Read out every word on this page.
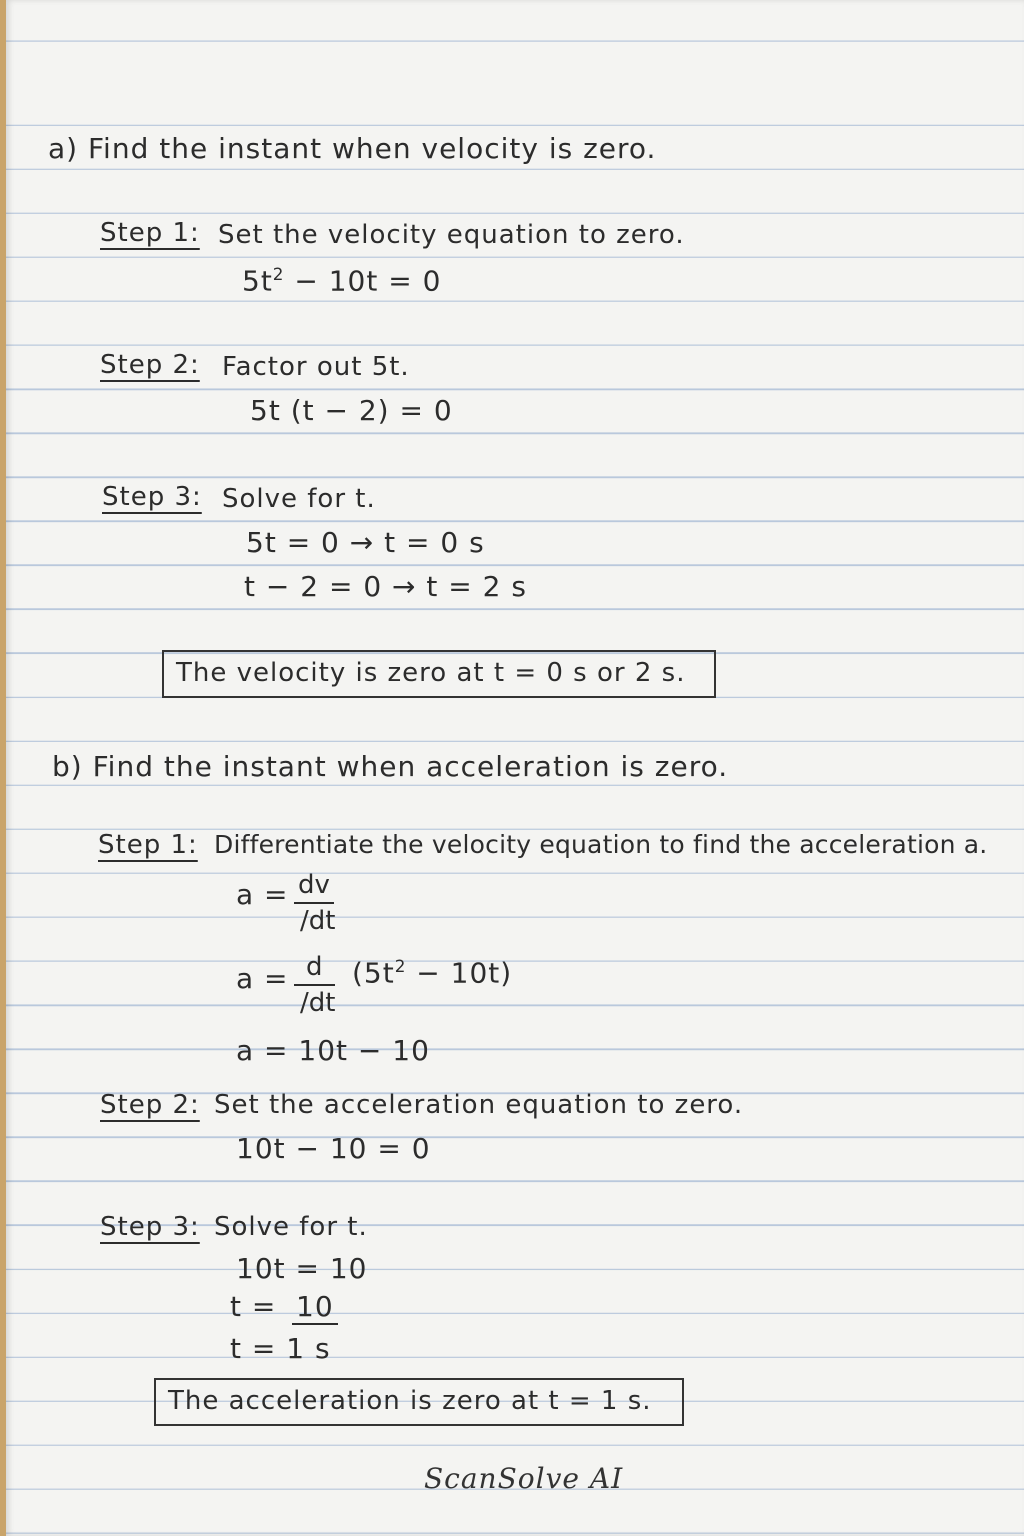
a) Find the instant when velocity is zero.
Step 1: Set the velocity equation to zero.
$5t^2 - 10t = 0$
Step 2: Factor out 5t.
5t (t − 2) = 0
Step 3: Solve for t.
5t = 0 → t = 0 s
t − 2 = 0 → t = 2 s
The velocity is zero at t = 0 s or 2 s.
b) Find the instant when acceleration is zero.
Step 1: Differentiate the velocity equation to find the acceleration a.
a =
$\frac{dv}{/dt}$
a =
$\frac{d}{/dt}$
$(5t^2 - 10t)$
a = 10t − 10
Step 2: Set the acceleration equation to zero.
10t − 10 = 0
Step 3: Solve for t.
10t = 10
t = 10
t = 1 s
The acceleration is zero at t = 1 s.
ScanSolve AI
